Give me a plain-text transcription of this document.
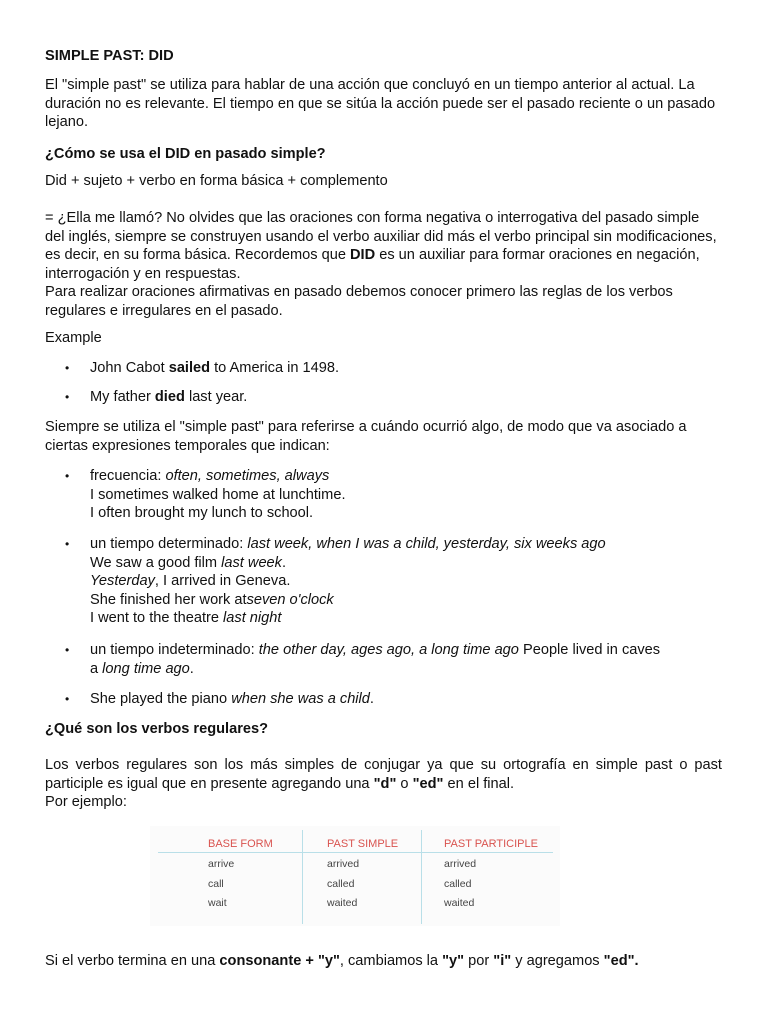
SIMPLE PAST: DID

El "simple past" se utiliza para hablar de una acción que concluyó en un tiempo anterior al actual. La duración no es relevante. El tiempo en que se sitúa la acción puede ser el pasado reciente o un pasado lejano.

¿Cómo se usa el DID en pasado simple?

Did + sujeto + verbo en forma básica + complemento

= ¿Ella me llamó? No olvides que las oraciones con forma negativa o interrogativa del pasado simple del inglés, siempre se construyen usando el verbo auxiliar did más el verbo principal sin modificaciones, es decir, en su forma básica. Recordemos que DID es un auxiliar para formar oraciones en negación, interrogación y en respuestas.

Para realizar oraciones afirmativas en pasado debemos conocer primero las reglas de los verbos regulares e irregulares en el pasado.

Example

• John Cabot sailed to America in 1498.
• My father died last year.

Siempre se utiliza el "simple past" para referirse a cuándo ocurrió algo, de modo que va asociado a ciertas expresiones temporales que indican:

• frecuencia: often, sometimes, always
I sometimes walked home at lunchtime.
I often brought my lunch to school.
• un tiempo determinado: last week, when I was a child, yesterday, six weeks ago
We saw a good film last week.
Yesterday, I arrived in Geneva.
She finished her work atseven o'clock
I went to the theatre last night
• un tiempo indeterminado: the other day, ages ago, a long time ago People lived in caves
a long time ago.
• She played the piano when she was a child.

¿Qué son los verbos regulares?

Los verbos regulares son los más simples de conjugar ya que su ortografía en simple past o past participle es igual que en presente agregando una "d" o "ed" en el final.

Por ejemplo:

Si el verbo termina en una consonante + "y", cambiamos la "y" por "i" y agregamos "ed".

BASE FORM	PAST SIMPLE	PAST PARTICIPLE
arrive	arrived	arrived
call	called	called
wait	waited	waited
